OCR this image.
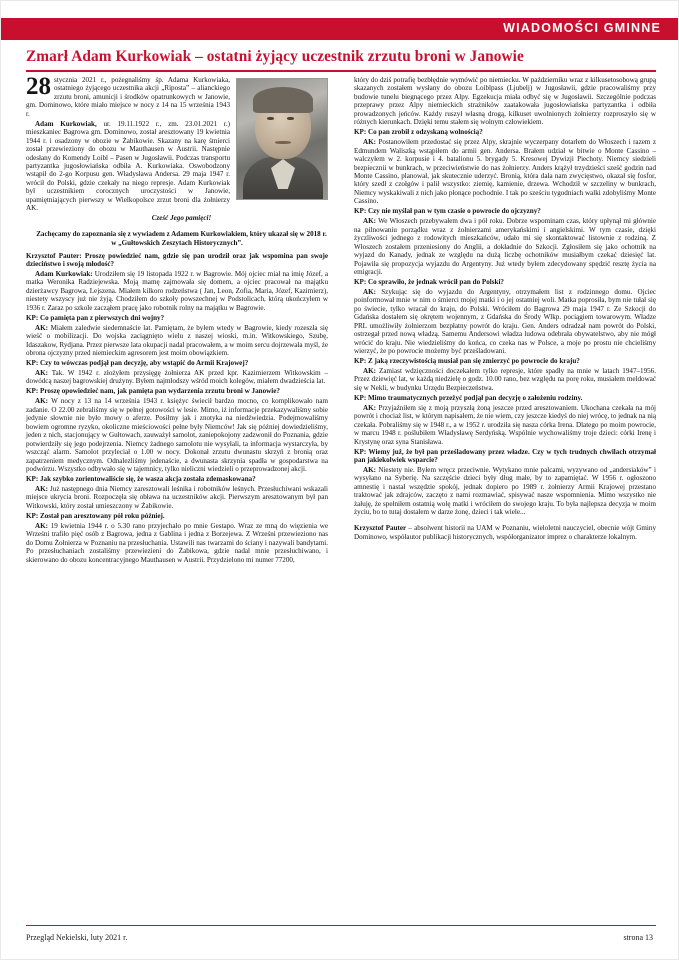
WIADOMOŚCI GMINNE
Zmarł Adam Kurkowiak – ostatni żyjący uczestnik zrzutu broni w Janowie

28 stycznia 2021 r., pożegnaliśmy śp. Adama Kurkowiaka, ostatniego żyjącego uczestnika akcji „Riposta” – alianckiego zrzutu broni, amunicji i środków opatrunkowych w Janowie, gm. Dominowo, które miało miejsce w nocy z 14 na 15 września 1943 r.

Adam Kurkowiak, ur. 19.11.1922 r., zm. 23.01.2021 r.) mieszkaniec Bagrowa gm. Dominowo, został aresztowany 19 kwietnia 1944 r. i osadzony w obozie w Żabikowie. Skazany na karę śmierci został przewieziony do obozu w Mauthausen w Austrii. Następnie odesłany do Komendy Loibl – Pasen w Jugosławii. Podczas transportu partyzantka jugosłowiańska odbiła A. Kurkowiaka. Oswobodzony wstąpił do 2-go Korpusu gen. Władysława Andersa. 29 maja 1947 r. wrócił do Polski, gdzie czekały na niego represje. Adam Kurkowiak był uczestnikiem corocznych uroczystości w Janowie, upamiętniających pierwszy w Wielkopolsce zrzut broni dla żołnierzy AK.

Cześć Jego pamięci!

Zachęcamy do zapoznania się z wywiadem z Adamem Kurkowiakiem, który ukazał się w 2018 r. w „Gułtowskich Zeszytach Historycznych”.

Krzysztof Pauter: Proszę powiedzieć nam, gdzie się pan urodził oraz jak wspomina pan swoje dzieciństwo i swoją młodość?

Adam Kurkowiak: Urodziłem się 19 listopada 1922 r. w Bagrowie. Mój ojciec miał na imię Józef, a matka Weronika Radziejewska. Moją mamę zajmowała się domem, a ojciec pracował na majątku dzierżawcy Bagrowa, Lejszena. Miałem kilkoro rodzeństwa ( Jan, Leon, Zofia, Maria, Józef, Kazimierz), niestety wszyscy już nie żyją. Chodziłem do szkoły powszechnej w Podstolicach, którą ukończyłem w 1936 r. Zaraz po szkole zacząłem pracę jako robotnik rolny na majątku w Bagrowie.

KP: Co pamięta pan z pierwszych dni wojny?

AK: Miałem zaledwie siedemnaście lat. Pamiętam, że byłem wtedy w Bagrowie, kiedy rozeszła się wieść o mobilizacji. Do wojska zaciągnięto wielu z naszej wioski, m.in. Witkowskiego, Szubę, Idaszakow, Rydjana. Przez pierwsze lata okupacji nadal pracowałem, a w moim sercu dojrzewała myśl, że obrona ojczyzny przed niemieckim agresorem jest moim obowiązkiem.

KP: Czy to wówczas podjął pan decyzję, aby wstąpić do Armii Krajowej?

AK: Tak. W 1942 r. złożyłem przysięgę żołnierza AK przed kpr. Kazimierzem Witkowskim – dowódcą naszej bagrowskiej drużyny. Byłem najmłodszy wśród moich kolegów, miałem dwadzieścia lat.

KP: Proszę opowiedzieć nam, jak pamięta pan wydarzenia zrzutu broni w Janowie?

AK: W nocy z 13 na 14 września 1943 r. księżyc świecił bardzo mocno, co komplikowało nam zadanie. O 22.00 zebraliśmy się w pełnej gotowości w lesie. Mimo, iż informacje przekazywaliśmy sobie jedynie słownie nie było mowy o aferze. Posiłmy jak i znotyka na niedźwiedzia. Podejmowaliśmy bowiem ogromne ryzyko, okoliczne mieściowości pełne były Niemców! Jak się pόźniej dowiedzieliśmy, jeden z nich, stacjonujący w Gułtowach, zauważył samolot, zaniepokojony zadzwonił do Poznania, gdzie potwierdziły się jego podejrzenia. Niemcy żadnego samolotu nie wysyłali, ta informacja wystarczyła, by wszcząć alarm. Samolot przyleciał o 1.00 w nocy. Dokonał zrzutu dwunastu skrzyń z bronią oraz zapatrzeniem medycznym. Odnalezliśmy jedenaście, a dwunasta skrzynia spadła w gospodarstwa na podwórzu. Wszystko odbywało się w tajemnicy, tylko nieliczni wiedzieli o przeprowadzonej akcji.

KP: Jak szybko zorientowaliście się, że wasza akcja została zdemaskowana?

AK: Już następnego dnia Niemcy zaresztowali leśnika i robotników leśnych. Przesłuchiwani wskazali miejsce ukrycia broni. Rozpoczęła się obława na uczestników akcji. Pierwszym aresztowanym był pan Witkowski, który został umieszczony w Żabikowie.

KP: Został pan aresztowany pół roku później.

AK: 19 kwietnia 1944 r. o 5.30 rano przyjechało po mnie Gestapo. Wraz ze mną do więzienia we Wrześni trafiło pięć osób z Bagrowa, jedna z Gablina i jedna z Borzejewa. Z Wrześni przewieziono nas do Domu Żołnierza w Poznaniu na przesłuchania. Ustawili nas twarzami do ściany i nazywali bandytami. Po przesłuchaniach zostaliśmy przewiezieni do Żabikowa, gdzie nadal mnie przesłuchiwano, i skierowano do obozu koncentracyjnego Mauthausen w Austrii. Przydzielono mi numer 77200,

który do dziś potrafię bezbłędnie wymówić po niemiecku. W październiku wraz z kilkusetosobową grupą skazanych zostałem wysłany do obozu Loiblpass (Ljubelj) w Jugosławii, gdzie pracowaliśmy przy budowie tunelu biegnącego przez Alpy. Egzekucja miała odbyć się w Jugosławii. Szczególnie podczas przeprawy przez Alpy niemieckich strażników zaatakowała jugosłowiańska partyzantka i odbiła prowadzonych jeńców. Każdy ruszył własną drogą, kilkuset uwolnionych żołnierzy rozproszyło się w różnych kierunkach. Dzięki temu stałem się wolnym człowiekiem.

KP: Co pan zrobił z odzyskaną wolnością?

AK: Postanowiłem przedostać się przez Alpy, skrajnie wyczerpany dotarłem do Włoszech i razem z Edmundem Waliszką wstąpiłem do armii gen. Andersa. Brałem udział w bitwie o Monte Cassino – walczyłem w 2. korpusie i 4. batalionu 5. brygady 5. Kresowej Dywizji Piechoty. Niemcy siedzieli bezpiecznii w bunkrach, w przeciwieństwie do nas żołnierzy. Anders krążył trzydzieści sześć godzin nad Monte Cassino, planował, jak skutecznie uderzyć. Bronią, która dała nam zwycięstwo, okazał się fosfor, który szedł z czołgów i palił wszystko: ziemię, kamienie, drzewa. Wchodził w szczeliny w bunkrach, Niemcy wyskakiwali z nich jako płonące pochodnie. I tak po sześciu tygodniach walki zdobyliśmy Monte Cassino.

KP: Czy nie myślał pan w tym czasie o powrocie do ojczyzny?

AK: We Włoszech przebywałem dwa i pół roku. Dobrze wspominam czas, który upłynął mi głównie na pilnowaniu porządku wraz z żołnierzami amerykańskimi i angielskimi. W tym czasie, dzięki życzliwości jednego z rodowitych mieszkańców, udało mi się skontaktować listownie z rodziną. Z Włoszech zostałem przeniesiony do Anglii, a dokładnie do Szkocji. Zgłosiłem się jako ochotnik na wyjazd do Kanady, jednak ze względu na dużą liczbę ochotników musiałbym czekać dziesięć lat. Pojawiła się propozycja wyjazdu do Argentyny. Już wtedy byłem zdecydowany spędzić resztę życia na emigracji.

KP: Co sprawiło, że jednak wrócił pan do Polski?

AK: Szykując się do wyjazdu do Argentyny, otrzymałem list z rodzinnego domu. Ojciec poinformował mnie w nim o śmierci mojej matki i o jej ostatniej woli. Matka poprosiła, bym nie tułał się po świecie, tylko wracał do kraju, do Polski. Wróciłem do Bagrowa 29 maja 1947 r. Ze Szkocji do Gdańska dostałem się okrętem wojennym, z Gdańska do Środy Wlkp. pociągiem towarowym. Władze PRL umożliwiły żołnierzom bezpłatny powrót do kraju. Gen. Anders odradzał nam powrót do Polski, ostrzegał przed nową władzą. Samemu Andersowi władza ludowa odebrała obywatelstwo, aby nie mógł wrócić do kraju. Nie wiedzieliśmy do końca, co czeka nas w Polsce, a moje po prostu nie chcieliśmy wierzyć, że po powrocie możemy być prześladowani.

KP: Z jaką rzeczywistością musiał pan się zmierzyć po powrocie do kraju?

AK: Zamiast wdzięczności doczekałem tylko represje, które spadły na mnie w latach 1947–1956. Przez dziewięć lat, w każdą niedzielę o godz. 10.00 rano, bez względu na porę roku, musiałem meldować się w Nekli, w budynku Urzędu Bezpieczeństwa.

KP: Mimo traumatycznych przeżyć podjął pan decyzję o założeniu rodziny.

AK: Przyjaźniłem się z moją przyszłą żoną jeszcze przed aresztowaniem. Ukochana czekała na mój powrót i chociaż list, w którym napisałem, że nie wiem, czy jeszcze kiedyś do niej wrócę, to jednak na nią czekała. Pobraliśmy się w 1948 r., a w 1952 r. urodziła się nasza córka Irena. Dlatego po moim powrocie, w marcu 1948 r. poślubiłem Władysławę Serdyńską. Wspólnie wychowaliśmy troje dzieci: córki Irenę i Krystynę oraz syna Stanisława.

KP: Wiemy już, że był pan prześladowany przez władze. Czy w tych trudnych chwilach otrzymał pan jakiekolwiek wsparcie?

AK: Niestety nie. Byłem wręcz przeciwnie. Wytykano mnie palcami, wyzywano od „andersiaków” i wysyłano na Syberię. Na szczęście dzieci były dług małe, by to zapamiętać. W 1956 r. ogłoszono amnestię i nastał wszędzie spokój, jednak dopiero po 1989 r. żołnierzy Armii Krajowej przestano traktować jak zdrajców, zaczęto z nami rozmawiać, spisywać nasze wspomnienia. Mimo wszystko nie żałuję, że spełniłem ostatnią wolę matki i wróciłem do swojego kraju. To była najlepsza decyzja w moim życiu, bo to tutaj dostałem w darze żonę, dzieci i tak wiele...

Krzysztof Pauter – absolwent historii na UAM w Poznaniu, wieloletni nauczyciel, obecnie wójt Gminy Dominowo, współautor publikacji historycznych, współorganizator imprez o charakterze lokalnym.

Przegląd Nekielski, luty 2021 r.	strona 13
